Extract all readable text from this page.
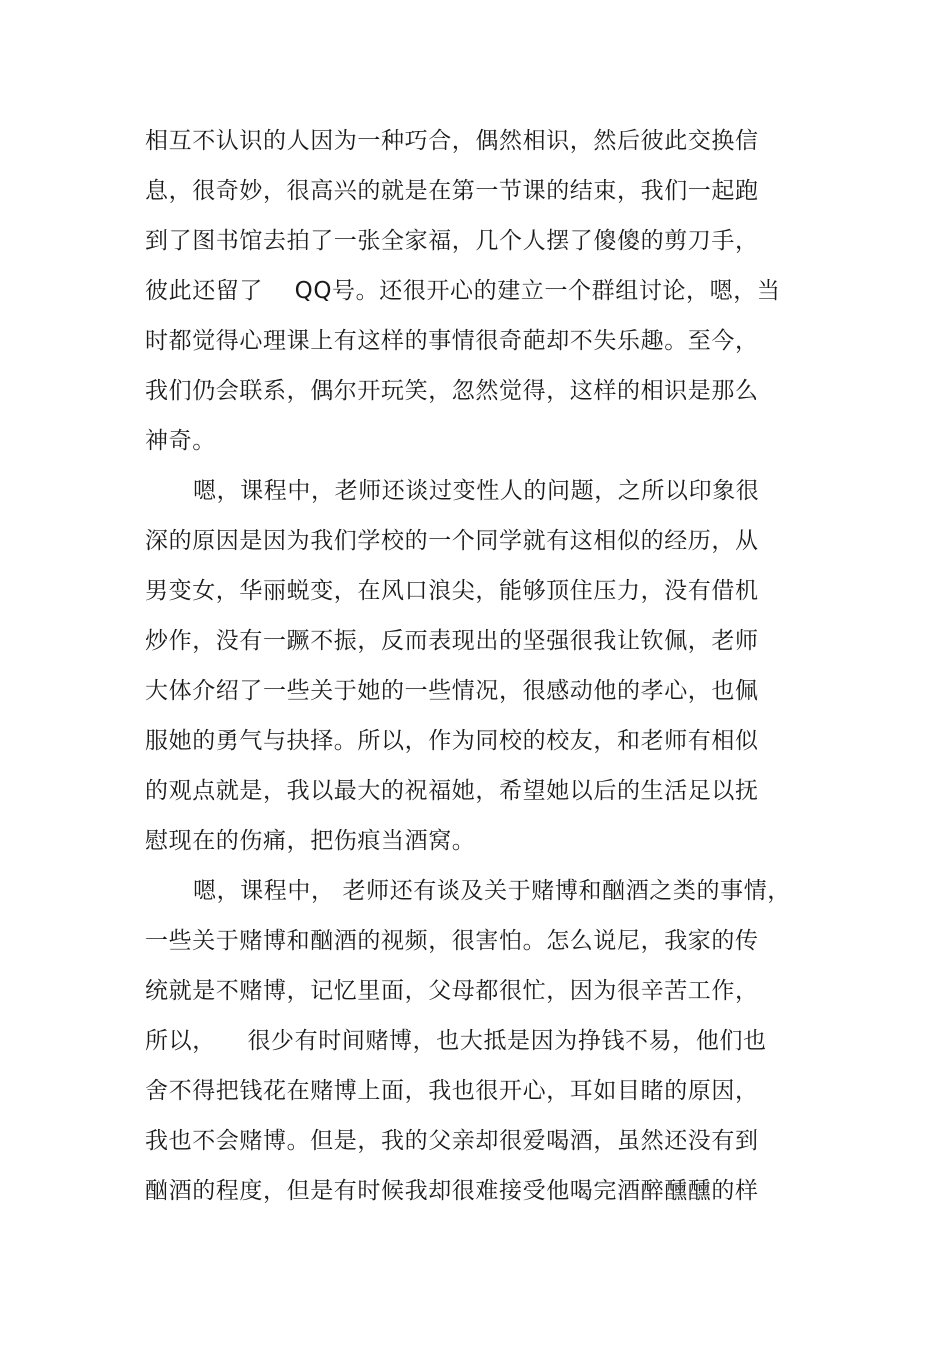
相互不认识的人因为一种巧合，偶然相识，然后彼此交换信
息，很奇妙，很高兴的就是在第一节课的结束，我们一起跑
到了图书馆去拍了一张全家福，几个人摆了傻傻的剪刀手，
彼此还留了    QQ号。还很开心的建立一个群组讨论，嗯，当
时都觉得心理课上有这样的事情很奇葩却不失乐趣。至今，
我们仍会联系，偶尔开玩笑，忽然觉得，这样的相识是那么
神奇。
嗯，课程中，老师还谈过变性人的问题，之所以印象很
深的原因是因为我们学校的一个同学就有这相似的经历，从
男变女，华丽蜕变，在风口浪尖，能够顶住压力，没有借机
炒作，没有一蹶不振，反而表现出的坚强很我让钦佩，老师
大体介绍了一些关于她的一些情况，很感动他的孝心，也佩
服她的勇气与抉择。所以，作为同校的校友，和老师有相似
的观点就是，我以最大的祝福她，希望她以后的生活足以抚
慰现在的伤痛，把伤痕当酒窝。
嗯，课程中， 老师还有谈及关于赌博和酗酒之类的事情，
一些关于赌博和酗酒的视频，很害怕。怎么说尼，我家的传
统就是不赌博，记忆里面，父母都很忙，因为很辛苦工作，
所以，    很少有时间赌博，也大抵是因为挣钱不易，他们也
舍不得把钱花在赌博上面，我也很开心，耳如目睹的原因，
我也不会赌博。但是，我的父亲却很爱喝酒，虽然还没有到
酗酒的程度，但是有时候我却很难接受他喝完酒醉醺醺的样
